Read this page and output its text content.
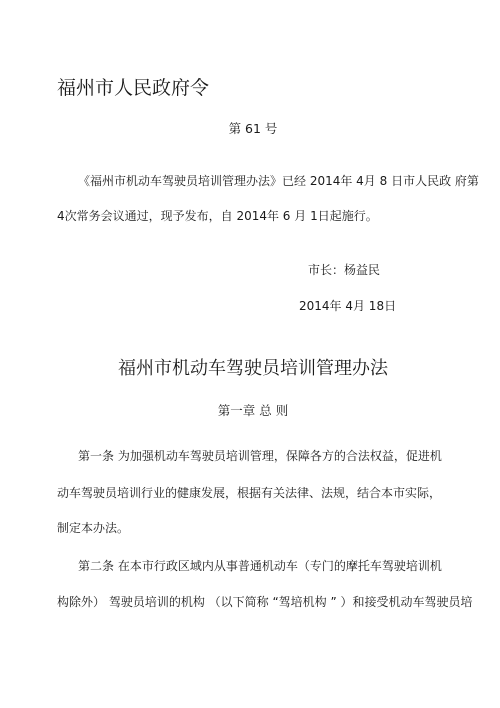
福州市人民政府令
第 61 号
《福州市机动车驾驶员培训管理办法》已经 2014年 4月 8 日市人民政 府第
4次常务会议通过，现予发布，自 2014年 6 月 1日起施行。
市长：杨益民
2014年 4月 18日
福州市机动车驾驶员培训管理办法
第一章 总 则
第一条 为加强机动车驾驶员培训管理，保障各方的合法权益，促进机
动车驾驶员培训行业的健康发展，根据有关法律、法规，结合本市实际，
制定本办法。
第二条 在本市行政区域内从事普通机动车（专门的摩托车驾驶培训机
构除外） 驾驶员培训的机构 （以下简称 “驾培机构 ” ）和接受机动车驾驶员培
